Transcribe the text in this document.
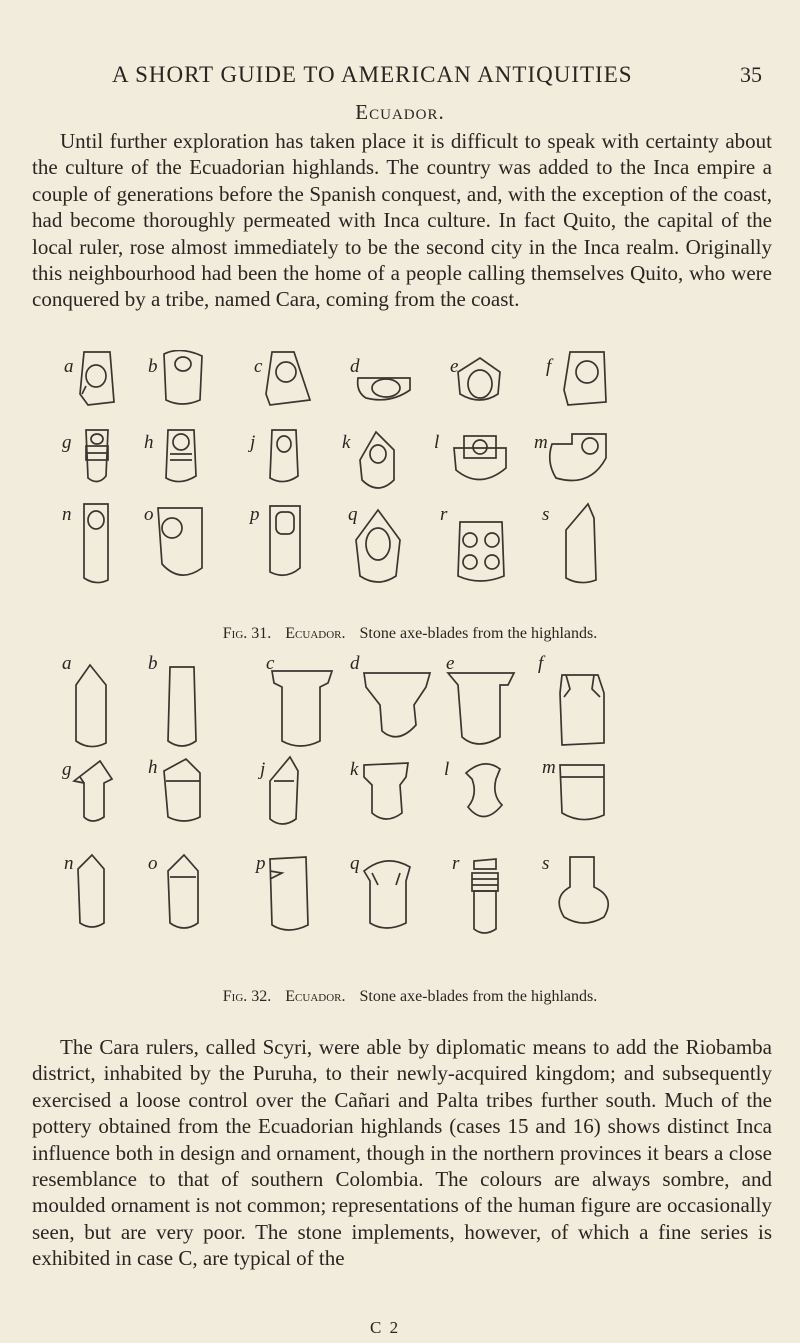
A SHORT GUIDE TO AMERICAN ANTIQUITIES	35
Ecuador.

Until further exploration has taken place it is difficult to speak with certainty about the culture of the Ecuadorian highlands. The country was added to the Inca empire a couple of generations before the Spanish conquest, and, with the exception of the coast, had become thoroughly permeated with Inca culture. In fact Quito, the capital of the local ruler, rose almost immediately to be the second city in the Inca realm. Originally this neighbourhood had been the home of a people calling themselves Quito, who were conquered by a tribe, named Cara, coming from the coast.

a	b	c	d	e	f
g	h	j	k	l	m
n	o	p	q	r	s
Fig. 31. Ecuador. Stone axe-blades from the highlands.
a	b	c	d	e	f
g	h	j	k	l	m
n	o	p	q	r	s
Fig. 32. Ecuador. Stone axe-blades from the highlands.

The Cara rulers, called Scyri, were able by diplomatic means to add the Riobamba district, inhabited by the Puruha, to their newly-acquired kingdom; and subsequently exercised a loose control over the Cañari and Palta tribes further south. Much of the pottery obtained from the Ecuadorian highlands (cases 15 and 16) shows distinct Inca influence both in design and ornament, though in the northern provinces it bears a close resemblance to that of southern Colombia. The colours are always sombre, and moulded ornament is not common; representations of the human figure are occasionally seen, but are very poor. The stone implements, however, of which a fine series is exhibited in case C, are typical of the

C 2
